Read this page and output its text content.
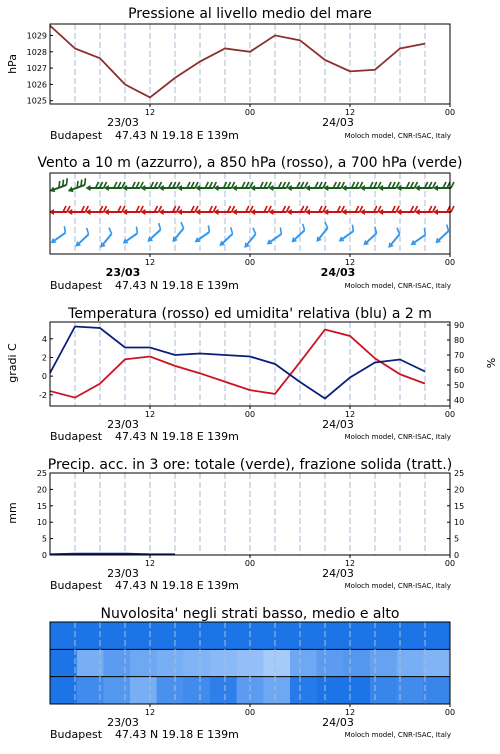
Pressione al livello medio del mare
hPa
1025
1026
1027
1028
1029
12	00	12	00
23/03	24/03
Budapest 47.43 N 19.18 E 139m	Moloch model, CNR-ISAC, Italy
Vento a 10 m (azzurro), a 850 hPa (rosso), a 700 hPa (verde)
12	00	12	00
23/03	24/03
Budapest 47.43 N 19.18 E 139m	Moloch model, CNR-ISAC, Italy
Temperatura (rosso) ed umidita' relativa (blu) a 2 m
gradi C	%
-2
0
2
4
40
50
60
70
80
90
12	00	12	00
23/03	24/03
Budapest 47.43 N 19.18 E 139m	Moloch model, CNR-ISAC, Italy
Precip. acc. in 3 ore: totale (verde), frazione solida (tratt.)
mm
0
5
10
15
20
25
0
5
10
15
20
25
12	00	12	00
23/03	24/03
Budapest 47.43 N 19.18 E 139m	Moloch model, CNR-ISAC, Italy
Nuvolosita' negli strati basso, medio e alto
12	00	12	00
23/03	24/03
Budapest 47.43 N 19.18 E 139m	Moloch model, CNR-ISAC, Italy
